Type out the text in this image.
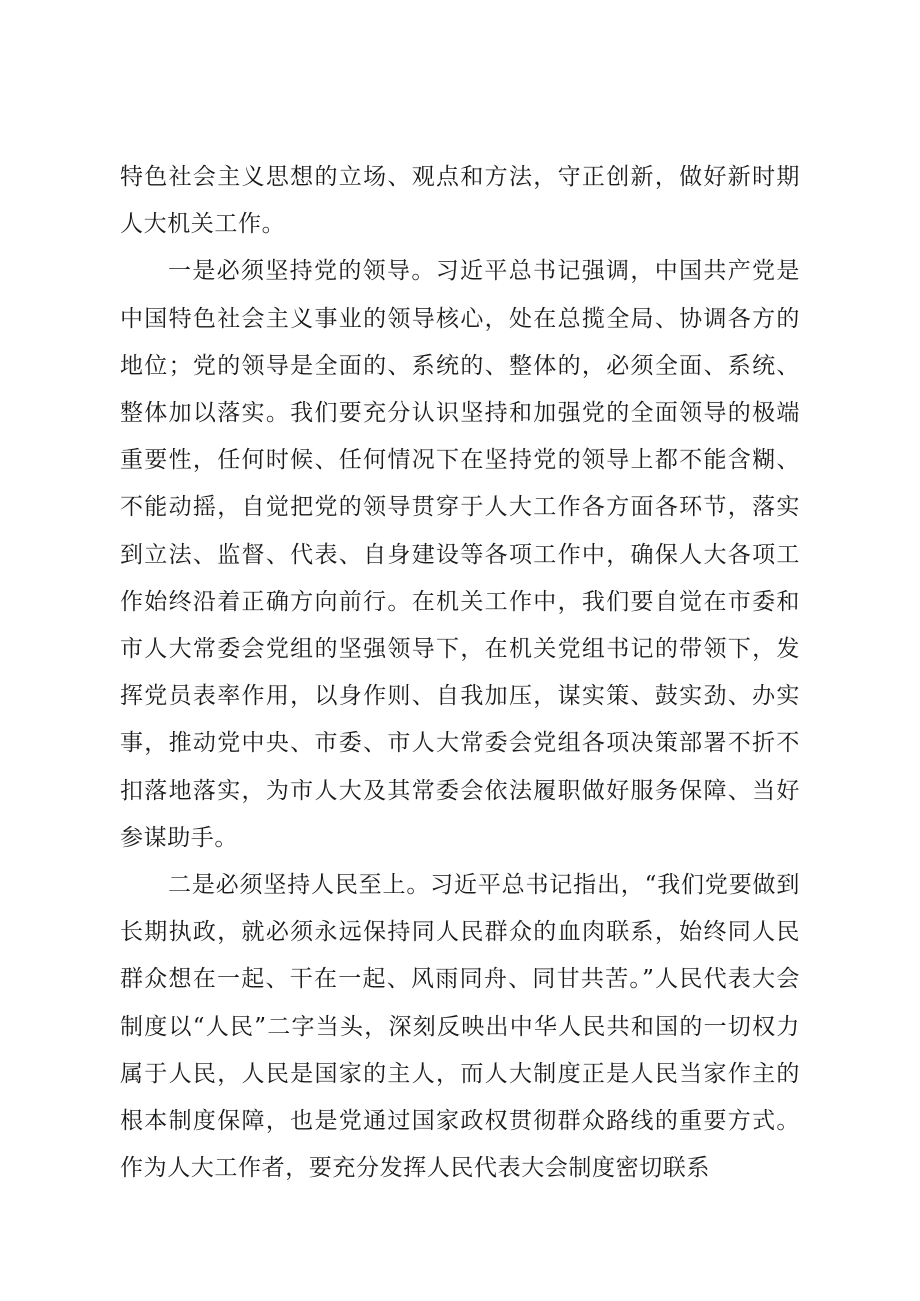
特色社会主义思想的立场、观点和方法，守正创新，做好新时期人大机关工作。

一是必须坚持党的领导。习近平总书记强调，中国共产党是中国特色社会主义事业的领导核心，处在总揽全局、协调各方的地位；党的领导是全面的、系统的、整体的，必须全面、系统、整体加以落实。我们要充分认识坚持和加强党的全面领导的极端重要性，任何时候、任何情况下在坚持党的领导上都不能含糊、不能动摇，自觉把党的领导贯穿于人大工作各方面各环节，落实到立法、监督、代表、自身建设等各项工作中，确保人大各项工作始终沿着正确方向前行。在机关工作中，我们要自觉在市委和市人大常委会党组的坚强领导下，在机关党组书记的带领下，发挥党员表率作用，以身作则、自我加压，谋实策、鼓实劲、办实事，推动党中央、市委、市人大常委会党组各项决策部署不折不扣落地落实，为市人大及其常委会依法履职做好服务保障、当好参谋助手。

二是必须坚持人民至上。习近平总书记指出，“我们党要做到长期执政，就必须永远保持同人民群众的血肉联系，始终同人民群众想在一起、干在一起、风雨同舟、同甘共苦。”人民代表大会制度以“人民”二字当头，深刻反映出中华人民共和国的一切权力属于人民，人民是国家的主人，而人大制度正是人民当家作主的根本制度保障，也是党通过国家政权贯彻群众路线的重要方式。作为人大工作者，要充分发挥人民代表大会制度密切联系
